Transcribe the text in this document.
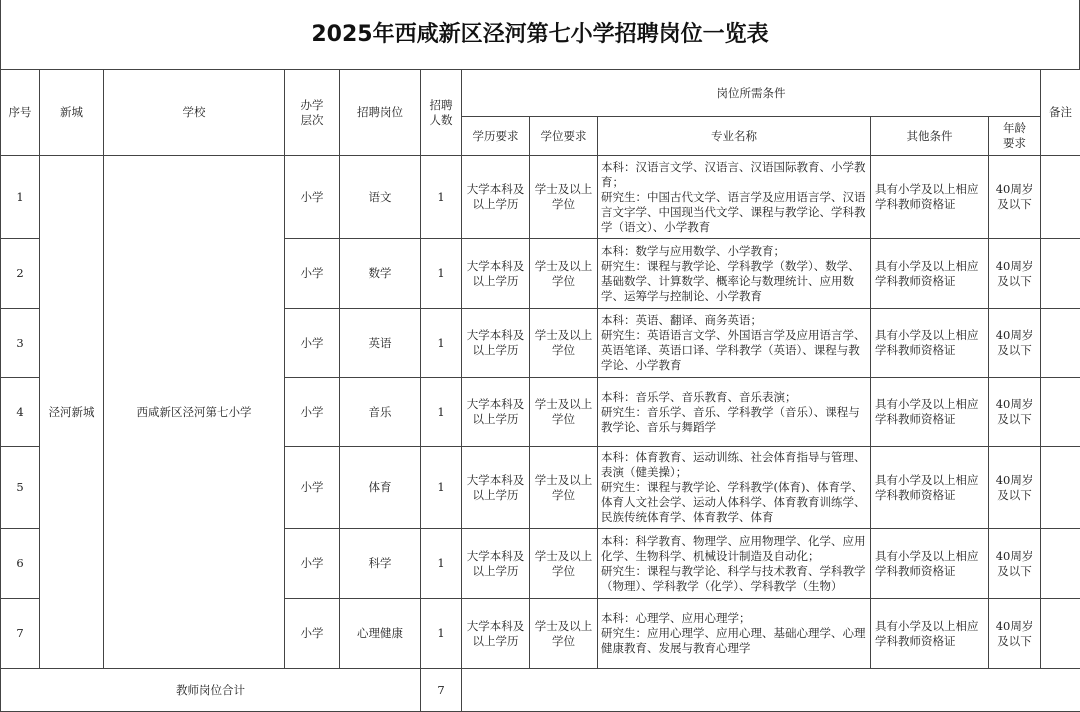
2025年西咸新区泾河第七小学招聘岗位一览表
序号	新城	学校	办学层次	招聘岗位	招聘人数	岗位所需条件					备注
						学历要求	学位要求	专业名称	其他条件	年龄要求	

1	泾河新城	西咸新区泾河第七小学	小学	语文	1	大学本科及以上学历	学士及以上学位	本科：汉语言文学、汉语言、汉语国际教育、小学教育；
研究生：中国古代文学、语言学及应用语言学、汉语言文字学、中国现当代文学、课程与教学论、学科教学（语文）、小学教育	具有小学及以上相应学科教师资格证	40周岁及以下	
2			小学	数学	1	大学本科及以上学历	学士及以上学位	本科：数学与应用数学、小学教育；
研究生：课程与教学论、学科教学（数学）、数学、基础数学、计算数学、概率论与数理统计、应用数学、运筹学与控制论、小学教育	具有小学及以上相应学科教师资格证	40周岁及以下	
3			小学	英语	1	大学本科及以上学历	学士及以上学位	本科：英语、翻译、商务英语；
研究生：英语语言文学、外国语言学及应用语言学、英语笔译、英语口译、学科教学（英语）、课程与教学论、小学教育	具有小学及以上相应学科教师资格证	40周岁及以下	
4			小学	音乐	1	大学本科及以上学历	学士及以上学位	本科：音乐学、音乐教育、音乐表演；
研究生：音乐学、音乐、学科教学（音乐）、课程与教学论、音乐与舞蹈学	具有小学及以上相应学科教师资格证	40周岁及以下	
5			小学	体育	1	大学本科及以上学历	学士及以上学位	本科：体育教育、运动训练、社会体育指导与管理、表演（健美操）；
研究生：课程与教学论、学科教学(体育)、体育学、体育人文社会学、运动人体科学、体育教育训练学、民族传统体育学、体育教学、体育	具有小学及以上相应学科教师资格证	40周岁及以下	
6			小学	科学	1	大学本科及以上学历	学士及以上学位	本科：科学教育、物理学、应用物理学、化学、应用化学、生物科学、机械设计制造及自动化；
研究生：课程与教学论、科学与技术教育、学科教学（物理）、学科教学（化学）、学科教学（生物）	具有小学及以上相应学科教师资格证	40周岁及以下	
7			小学	心理健康	1	大学本科及以上学历	学士及以上学位	本科：心理学、应用心理学；
研究生：应用心理学、应用心理、基础心理学、心理健康教育、发展与教育心理学	具有小学及以上相应学科教师资格证	40周岁及以下	
教师岗位合计					7						
